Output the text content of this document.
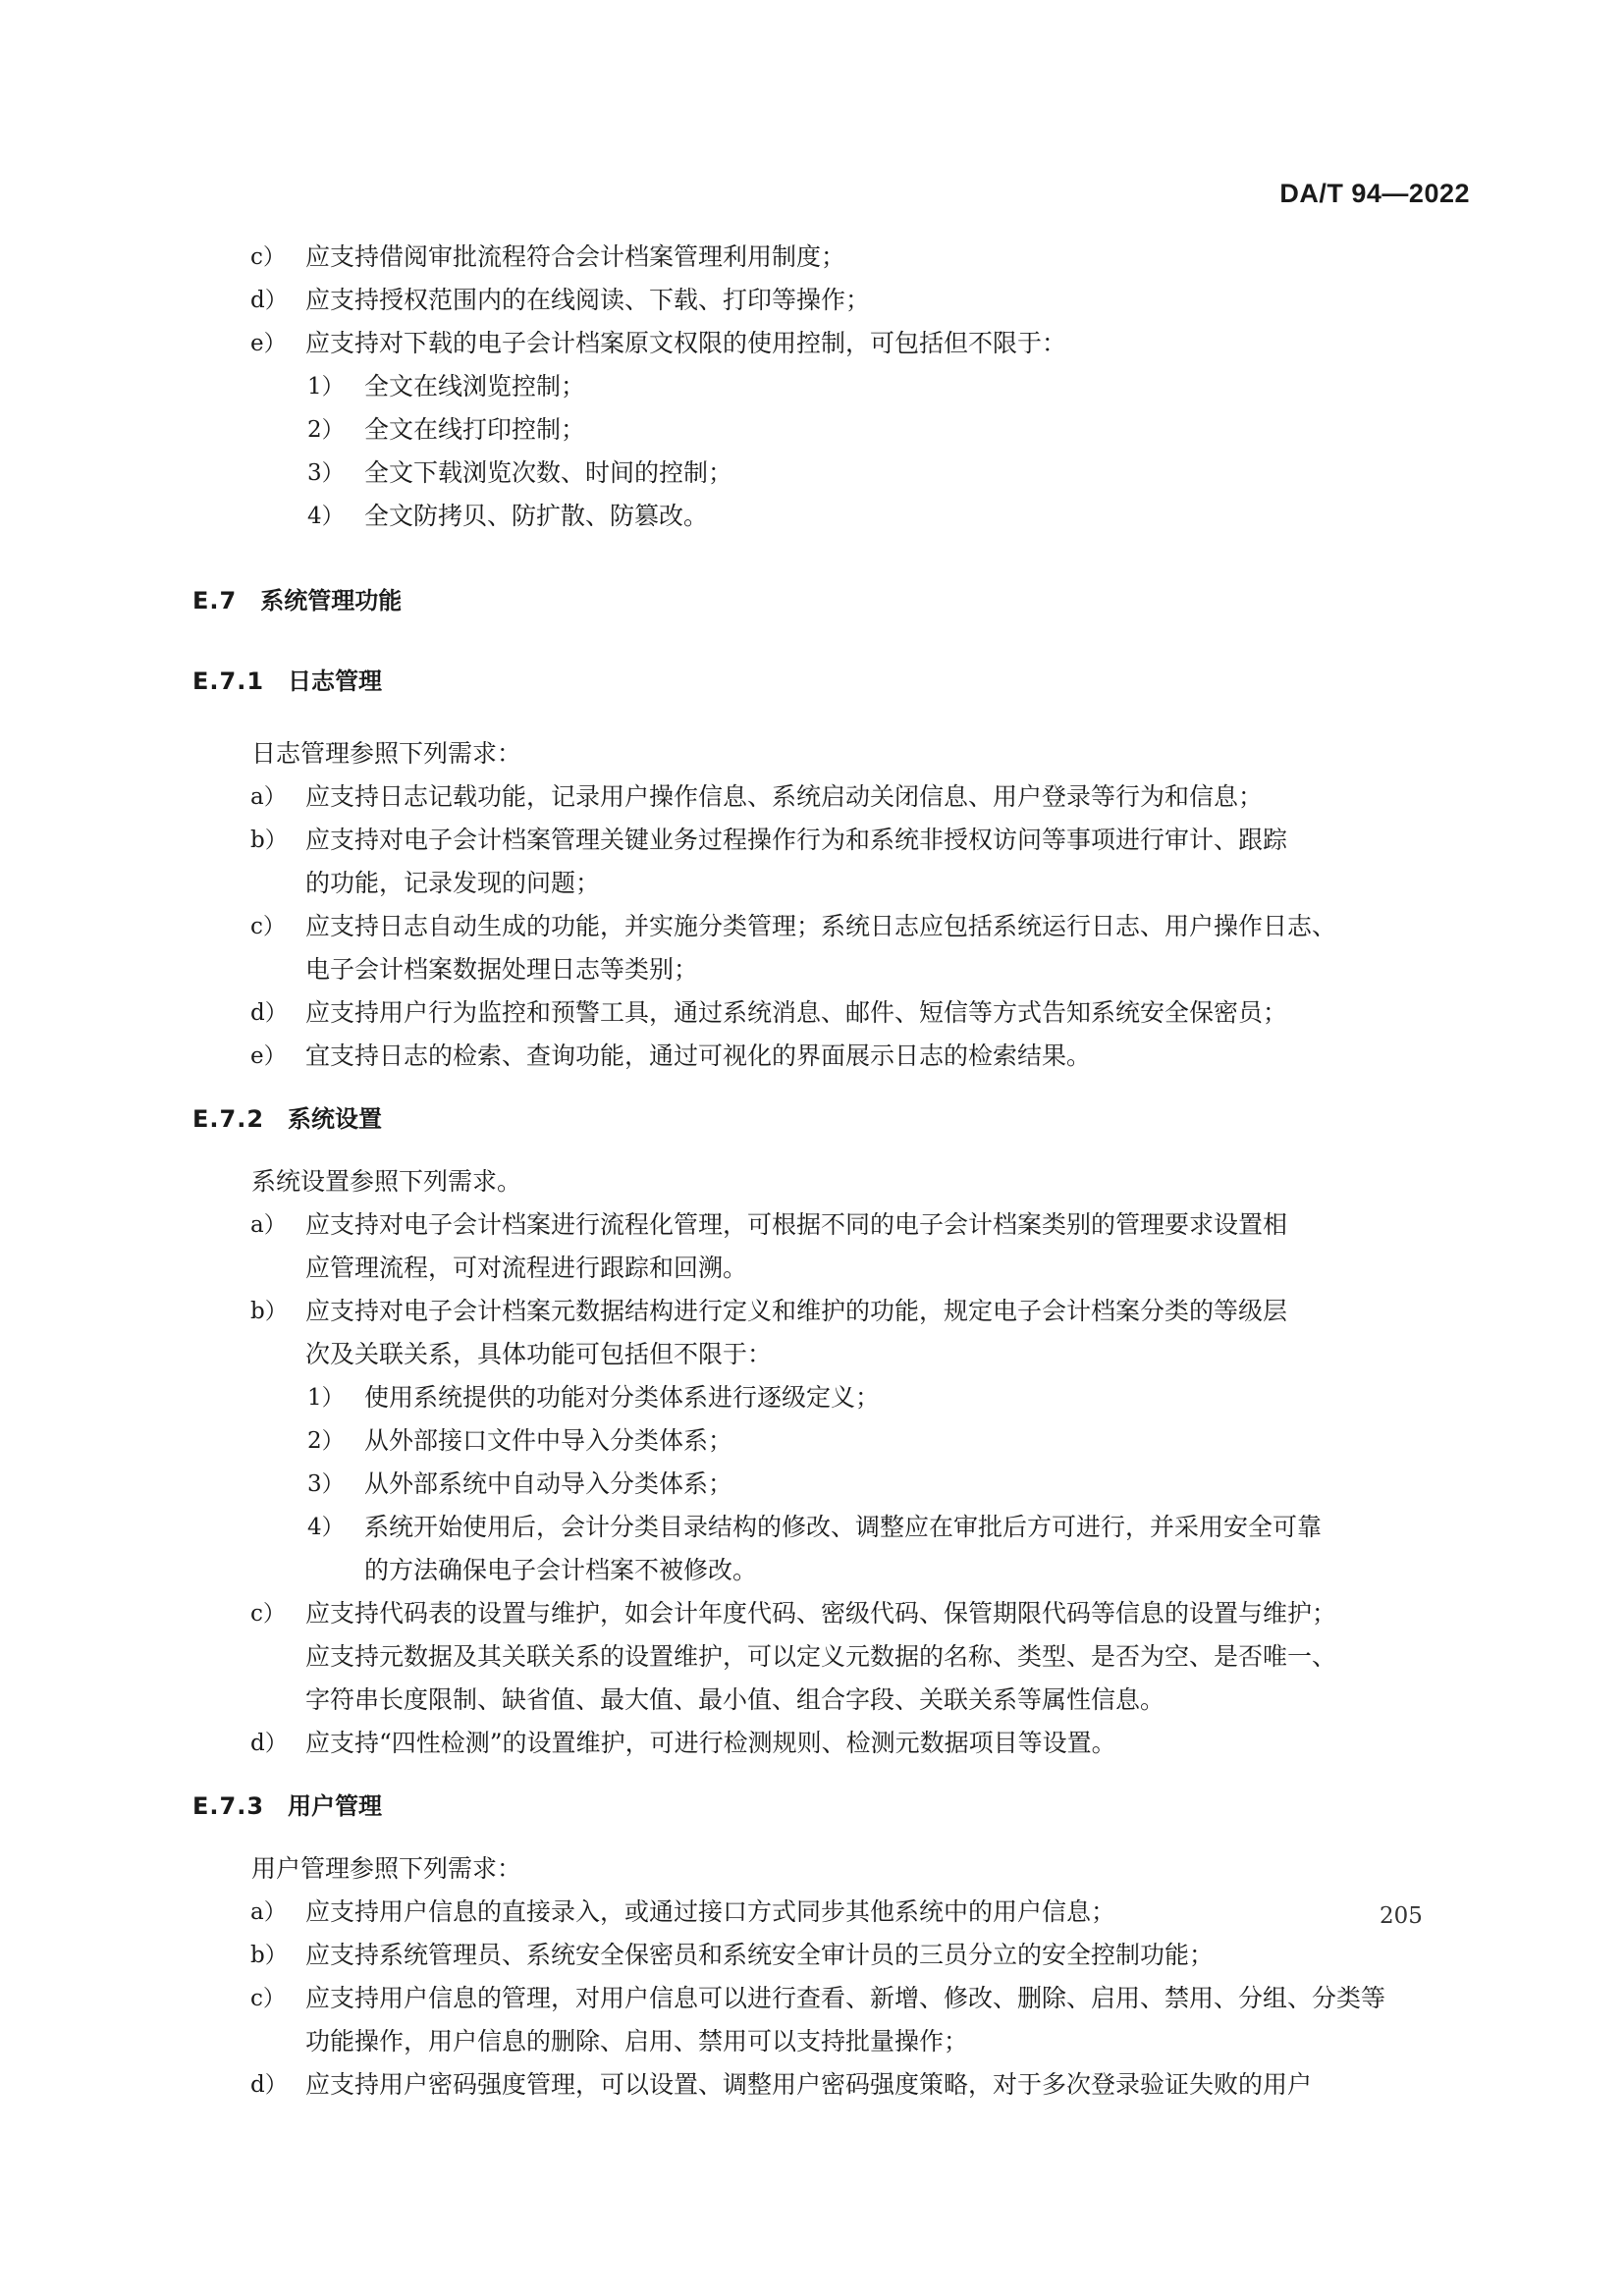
DA/T 94—2022
c） 应支持借阅审批流程符合会计档案管理利用制度；
d） 应支持授权范围内的在线阅读、下载、打印等操作；
e） 应支持对下载的电子会计档案原文权限的使用控制，可包括但不限于：
1） 全文在线浏览控制；
2） 全文在线打印控制；
3） 全文下载浏览次数、时间的控制；
4） 全文防拷贝、防扩散、防篡改。
E.7 系统管理功能
E.7.1 日志管理
日志管理参照下列需求：
a） 应支持日志记载功能，记录用户操作信息、系统启动关闭信息、用户登录等行为和信息；
b） 应支持对电子会计档案管理关键业务过程操作行为和系统非授权访问等事项进行审计、跟踪
的功能，记录发现的问题；
c） 应支持日志自动生成的功能，并实施分类管理；系统日志应包括系统运行日志、用户操作日志、
电子会计档案数据处理日志等类别；
d） 应支持用户行为监控和预警工具，通过系统消息、邮件、短信等方式告知系统安全保密员；
e） 宜支持日志的检索、查询功能，通过可视化的界面展示日志的检索结果。
E.7.2 系统设置
系统设置参照下列需求。
a） 应支持对电子会计档案进行流程化管理，可根据不同的电子会计档案类别的管理要求设置相
应管理流程，可对流程进行跟踪和回溯。
b） 应支持对电子会计档案元数据结构进行定义和维护的功能，规定电子会计档案分类的等级层
次及关联关系，具体功能可包括但不限于：
1） 使用系统提供的功能对分类体系进行逐级定义；
2） 从外部接口文件中导入分类体系；
3） 从外部系统中自动导入分类体系；
4） 系统开始使用后，会计分类目录结构的修改、调整应在审批后方可进行，并采用安全可靠
的方法确保电子会计档案不被修改。
c） 应支持代码表的设置与维护，如会计年度代码、密级代码、保管期限代码等信息的设置与维护；
应支持元数据及其关联关系的设置维护，可以定义元数据的名称、类型、是否为空、是否唯一、
字符串长度限制、缺省值、最大值、最小值、组合字段、关联关系等属性信息。
d） 应支持“四性检测”的设置维护，可进行检测规则、检测元数据项目等设置。
E.7.3 用户管理
用户管理参照下列需求：
a） 应支持用户信息的直接录入，或通过接口方式同步其他系统中的用户信息；
b） 应支持系统管理员、系统安全保密员和系统安全审计员的三员分立的安全控制功能；
c） 应支持用户信息的管理，对用户信息可以进行查看、新增、修改、删除、启用、禁用、分组、分类等
功能操作，用户信息的删除、启用、禁用可以支持批量操作；
d） 应支持用户密码强度管理，可以设置、调整用户密码强度策略，对于多次登录验证失败的用户
205
